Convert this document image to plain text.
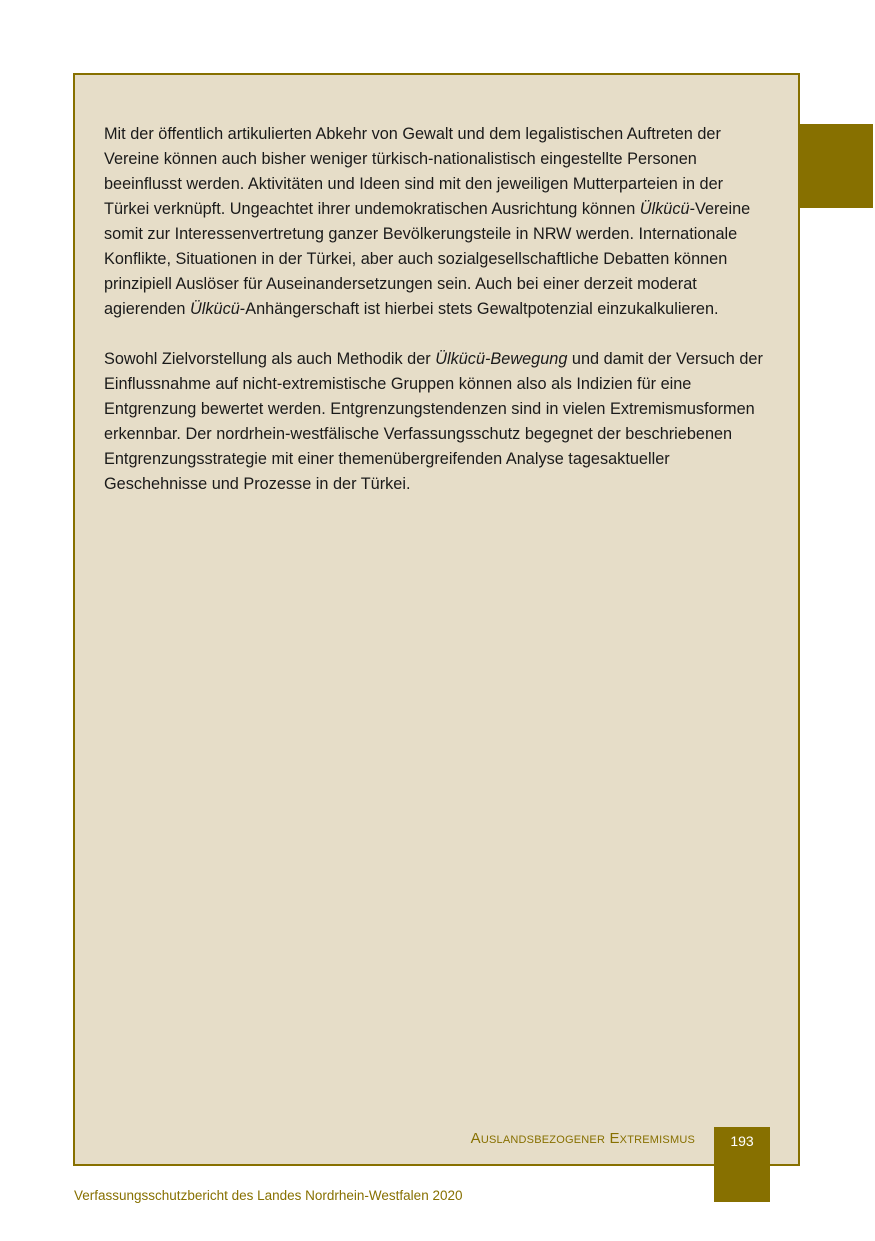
Mit der öffentlich artikulierten Abkehr von Gewalt und dem legalistischen Auftreten der Vereine können auch bisher weniger türkisch-nationalistisch eingestellte Personen beeinflusst werden. Aktivitäten und Ideen sind mit den jeweiligen Mutterparteien in der Türkei verknüpft. Ungeachtet ihrer undemokratischen Ausrichtung können Ülkücü-Vereine somit zur Interessenvertretung ganzer Bevölkerungsteile in NRW werden. Internationale Konflikte, Situationen in der Türkei, aber auch sozialgesellschaftliche Debatten können prinzipiell Auslöser für Auseinandersetzungen sein. Auch bei einer derzeit moderat agierenden Ülkücü-Anhängerschaft ist hierbei stets Gewaltpotenzial einzukalkulieren.

Sowohl Zielvorstellung als auch Methodik der Ülkücü-Bewegung und damit der Versuch der Einflussnahme auf nicht-extremistische Gruppen können also als Indizien für eine Entgrenzung bewertet werden. Entgrenzungstendenzen sind in vielen Extremismusformen erkennbar. Der nordrhein-westfälische Verfassungsschutz begegnet der beschriebenen Entgrenzungsstrategie mit einer themenübergreifenden Analyse tagesaktueller Geschehnisse und Prozesse in der Türkei.

Auslandsbezogener Extremismus	193
Verfassungsschutzbericht des Landes Nordrhein-Westfalen 2020
